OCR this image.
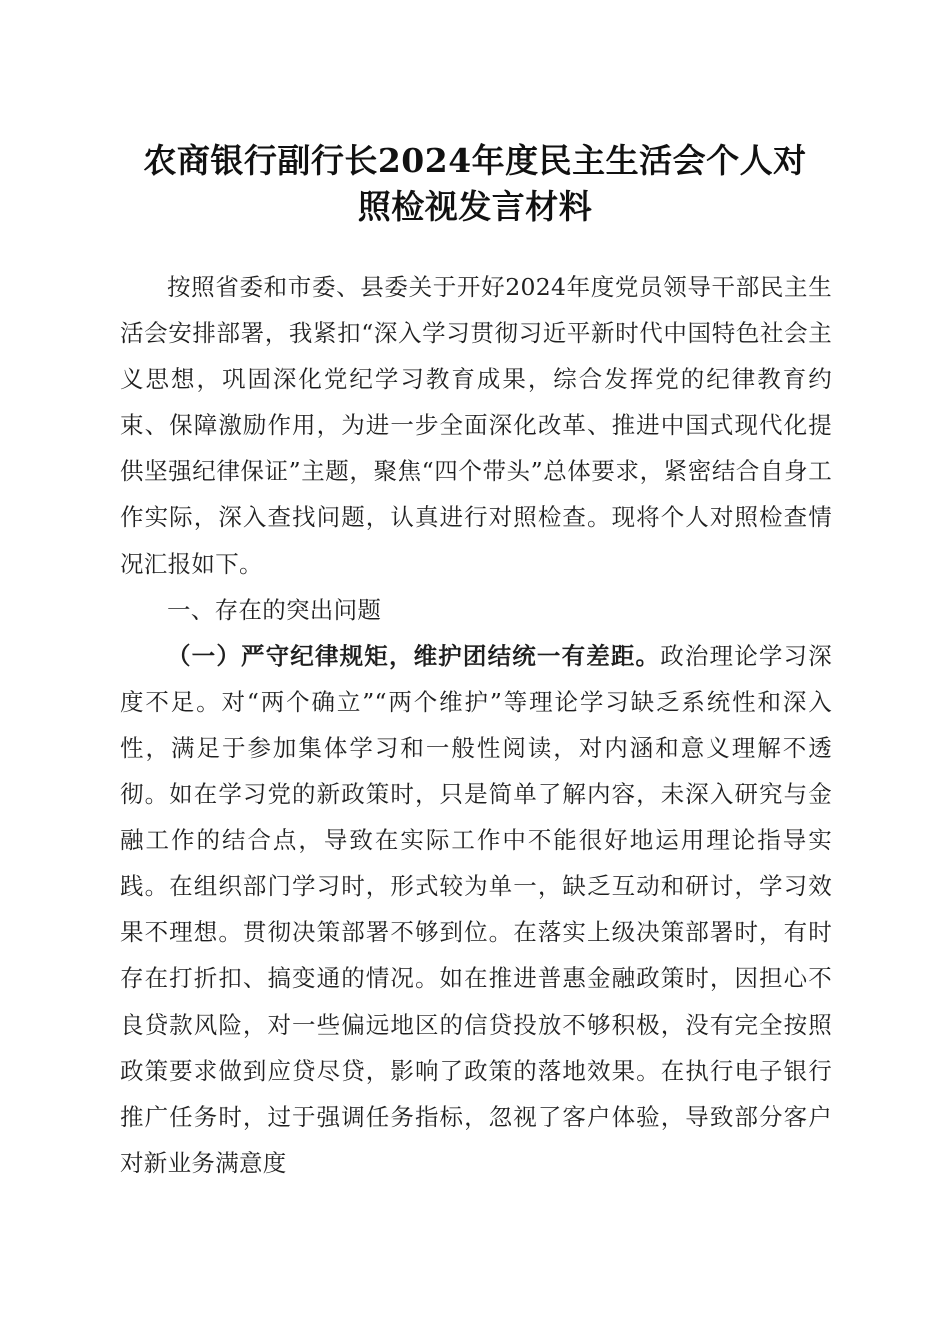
农商银行副行长2024年度民主生活会个人对
照检视发言材料

按照省委和市委、县委关于开好2024年度党员领导干部民主生活会安排部署，我紧扣“深入学习贯彻习近平新时代中国特色社会主义思想，巩固深化党纪学习教育成果，综合发挥党的纪律教育约束、保障激励作用，为进一步全面深化改革、推进中国式现代化提供坚强纪律保证”主题，聚焦“四个带头”总体要求，紧密结合自身工作实际，深入查找问题，认真进行对照检查。现将个人对照检查情况汇报如下。

一、存在的突出问题

（一）严守纪律规矩，维护团结统一有差距。政治理论学习深度不足。对“两个确立”“两个维护”等理论学习缺乏系统性和深入性，满足于参加集体学习和一般性阅读，对内涵和意义理解不透彻。如在学习党的新政策时，只是简单了解内容，未深入研究与金融工作的结合点，导致在实际工作中不能很好地运用理论指导实践。在组织部门学习时，形式较为单一，缺乏互动和研讨，学习效果不理想。贯彻决策部署不够到位。在落实上级决策部署时，有时存在打折扣、搞变通的情况。如在推进普惠金融政策时，因担心不良贷款风险，对一些偏远地区的信贷投放不够积极，没有完全按照政策要求做到应贷尽贷，影响了政策的落地效果。在执行电子银行推广任务时，过于强调任务指标，忽视了客户体验，导致部分客户对新业务满意度
